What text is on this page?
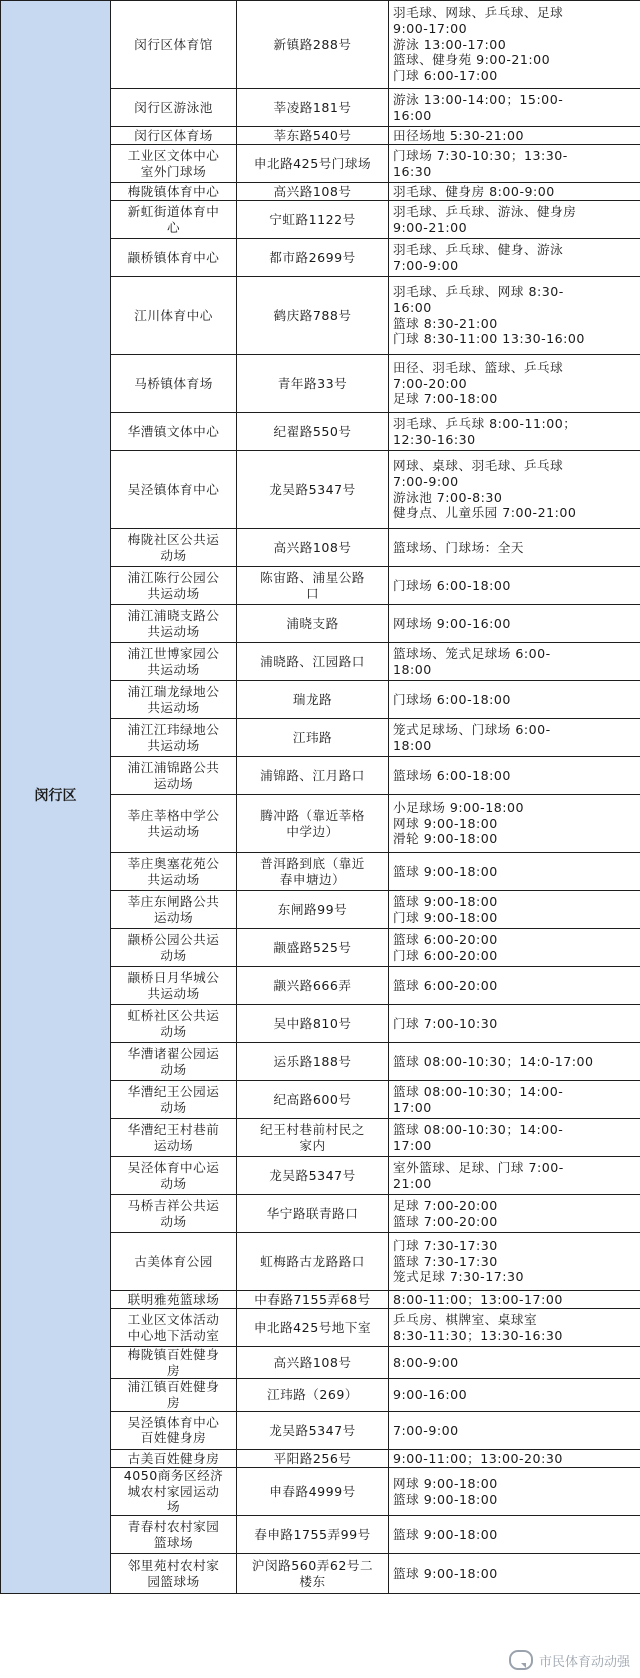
闵行区	闵行区体育馆	新镇路288号	羽毛球、网球、乒乓球、足球
9:00-17:00
游泳 13:00-17:00
篮球、健身苑 9:00-21:00
门球 6:00-17:00
	闵行区游泳池	莘凌路181号	游泳 13:00-14:00；15:00-
16:00
	闵行区体育场	莘东路540号	田径场地 5:30-21:00
	工业区文体中心
室外门球场	申北路425号门球场	门球场 7:30-10:30；13:30-
16:30
	梅陇镇体育中心	高兴路108号	羽毛球、健身房 8:00-9:00
	新虹街道体育中
心	宁虹路1122号	羽毛球、乒乓球、游泳、健身房
9:00-21:00
	颛桥镇体育中心	都市路2699号	羽毛球、乒乓球、健身、游泳
7:00-9:00
	江川体育中心	鹤庆路788号	羽毛球、乒乓球、网球 8:30-
16:00
篮球 8:30-21:00
门球 8:30-11:00 13:30-16:00
	马桥镇体育场	青年路33号	田径、羽毛球、篮球、乒乓球
7:00-20:00
足球 7:00-18:00
	华漕镇文体中心	纪翟路550号	羽毛球、乒乓球 8:00-11:00；
12:30-16:30
	吴泾镇体育中心	龙吴路5347号	网球、桌球、羽毛球、乒乓球
7:00-9:00
游泳池 7:00-8:30
健身点、儿童乐园 7:00-21:00
	梅陇社区公共运
动场	高兴路108号	篮球场、门球场：全天
	浦江陈行公园公
共运动场	陈宙路、浦星公路
口	门球场 6:00-18:00
	浦江浦晓支路公
共运动场	浦晓支路	网球场 9:00-16:00
	浦江世博家园公
共运动场	浦晓路、江园路口	篮球场、笼式足球场 6:00-
18:00
	浦江瑞龙绿地公
共运动场	瑞龙路	门球场 6:00-18:00
	浦江江玮绿地公
共运动场	江玮路	笼式足球场、门球场 6:00-
18:00
	浦江浦锦路公共
运动场	浦锦路、江月路口	篮球场 6:00-18:00
	莘庄莘格中学公
共运动场	腾冲路（靠近莘格
中学边）	小足球场 9:00-18:00
网球 9:00-18:00
滑轮 9:00-18:00
	莘庄奥塞花苑公
共运动场	普洱路到底（靠近
春申塘边）	篮球 9:00-18:00
	莘庄东闸路公共
运动场	东闸路99号	篮球 9:00-18:00
门球 9:00-18:00
	颛桥公园公共运
动场	颛盛路525号	篮球 6:00-20:00
门球 6:00-20:00
	颛桥日月华城公
共运动场	颛兴路666弄	篮球 6:00-20:00
	虹桥社区公共运
动场	吴中路810号	门球 7:00-10:30
	华漕诸翟公园运
动场	运乐路188号	篮球 08:00-10:30；14:0-17:00
	华漕纪王公园运
动场	纪高路600号	篮球 08:00-10:30；14:00-
17:00
	华漕纪王村巷前
运动场	纪王村巷前村民之
家内	篮球 08:00-10:30；14:00-
17:00
	吴泾体育中心运
动场	龙吴路5347号	室外篮球、足球、门球 7:00-
21:00
	马桥吉祥公共运
动场	华宁路联青路口	足球 7:00-20:00
篮球 7:00-20:00
	古美体育公园	虹梅路古龙路路口	门球 7:30-17:30
篮球 7:30-17:30
笼式足球 7:30-17:30
	联明雅苑篮球场	中春路7155弄68号	8:00-11:00；13:00-17:00
	工业区文体活动
中心地下活动室	申北路425号地下室	乒乓房、棋牌室、桌球室
8:30-11:30；13:30-16:30
	梅陇镇百姓健身
房	高兴路108号	8:00-9:00
	浦江镇百姓健身
房	江玮路（269）	9:00-16:00
	吴泾镇体育中心
百姓健身房	龙吴路5347号	7:00-9:00
	古美百姓健身房	平阳路256号	9:00-11:00；13:00-20:30
	4050商务区经济
城农村家园运动
场	申春路4999号	网球 9:00-18:00
篮球 9:00-18:00
	青春村农村家园
篮球场	春申路1755弄99号	篮球 9:00-18:00
	邻里苑村农村家
园篮球场	沪闵路560弄62号二
楼东	篮球 9:00-18:00
市民体育动动强
